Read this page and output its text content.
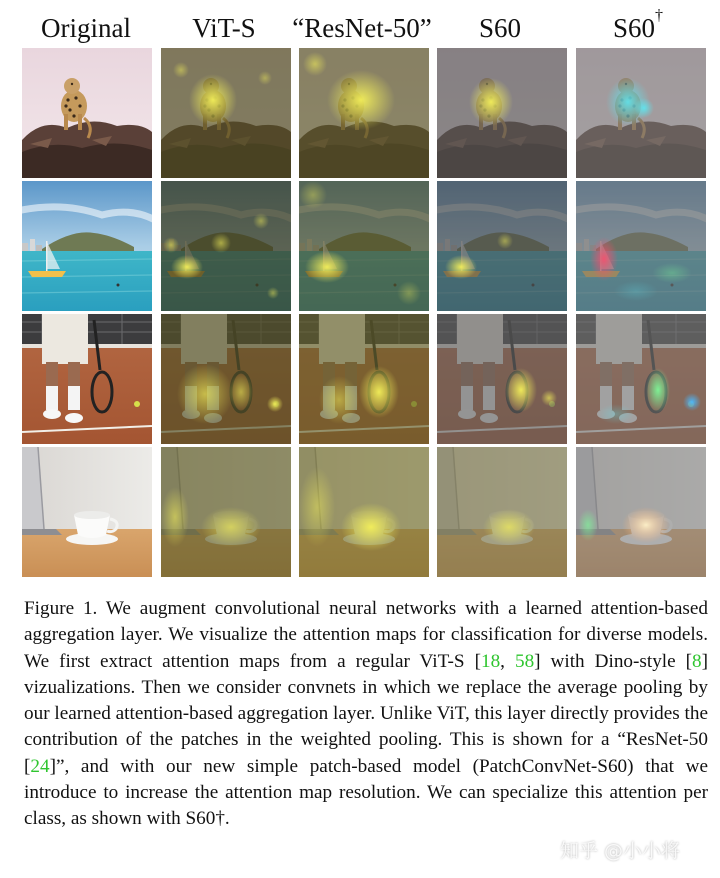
Original	ViT-S	“ResNet-50”	S60	S60†
Figure 1. We augment convolutional neural networks with a learned attention-based aggregation layer. We visualize the attention maps for classification for diverse models. We first extract attention maps from a regular ViT-S [18, 58] with Dino-style [8] vizualizations. Then we consider convnets in which we replace the average pooling by our learned attention-based aggregation layer. Unlike ViT, this layer directly provides the contribution of the patches in the weighted pooling. This is shown for a “ResNet-50 [24]”, and with our new simple patch-based model (PatchConvNet-S60) that we introduce to increase the attention map resolution. We can specialize this attention per class, as shown with S60†.
知乎 @小小将
